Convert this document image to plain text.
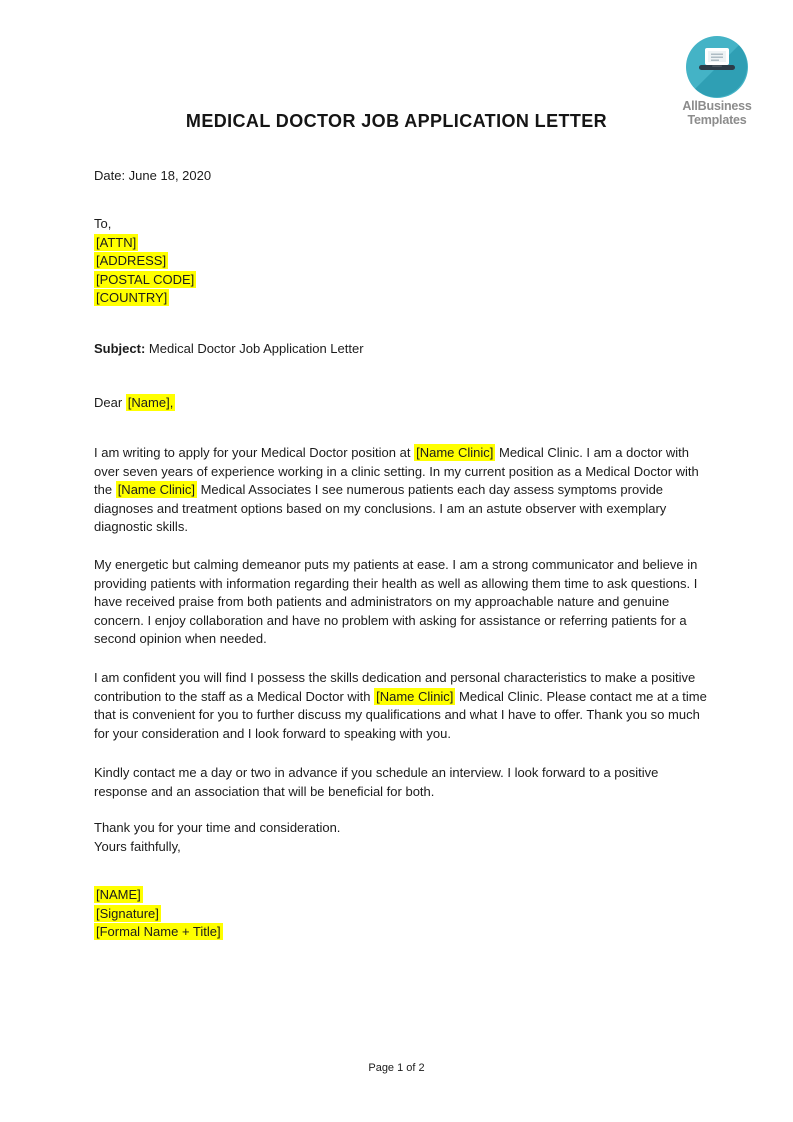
AllBusiness
Templates
MEDICAL DOCTOR JOB APPLICATION LETTER
Date: June 18, 2020
To,
[ATTN]
[ADDRESS]
[POSTAL CODE]
[COUNTRY]
Subject: Medical Doctor Job Application Letter
Dear [Name],
I am writing to apply for your Medical Doctor position at [Name Clinic] Medical Clinic. I am a doctor with over seven years of experience working in a clinic setting. In my current position as a Medical Doctor with the [Name Clinic] Medical Associates I see numerous patients each day assess symptoms provide diagnoses and treatment options based on my conclusions. I am an astute observer with exemplary diagnostic skills.
My energetic but calming demeanor puts my patients at ease. I am a strong communicator and believe in providing patients with information regarding their health as well as allowing them time to ask questions. I have received praise from both patients and administrators on my approachable nature and genuine concern. I enjoy collaboration and have no problem with asking for assistance or referring patients for a second opinion when needed.
I am confident you will find I possess the skills dedication and personal characteristics to make a positive contribution to the staff as a Medical Doctor with [Name Clinic] Medical Clinic. Please contact me at a time that is convenient for you to further discuss my qualifications and what I have to offer. Thank you so much for your consideration and I look forward to speaking with you.
Kindly contact me a day or two in advance if you schedule an interview. I look forward to a positive response and an association that will be beneficial for both.
Thank you for your time and consideration.
Yours faithfully,
[NAME]
[Signature]
[Formal Name + Title]
Page 1 of 2
